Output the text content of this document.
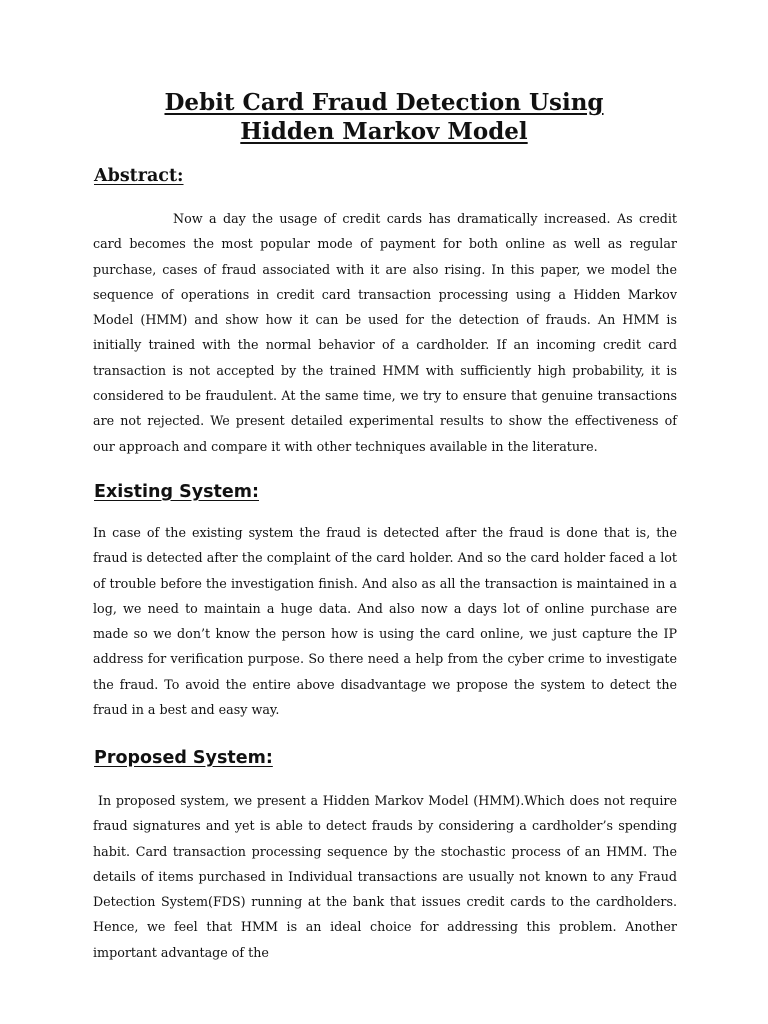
Debit Card Fraud Detection Using
Hidden Markov Model
Abstract:

Now a day the usage of credit cards has dramatically increased. As credit card becomes the most popular mode of payment for both online as well as regular purchase, cases of fraud associated with it are also rising. In this paper, we model the sequence of operations in credit card transaction processing using a Hidden Markov Model (HMM) and show how it can be used for the detection of frauds. An HMM is initially trained with the normal behavior of a cardholder. If an incoming credit card transaction is not accepted by the trained HMM with sufficiently high probability, it is considered to be fraudulent. At the same time, we try to ensure that genuine transactions are not rejected. We present detailed experimental results to show the effectiveness of our approach and compare it with other techniques available in the literature.

Existing System:

In case of the existing system the fraud is detected after the fraud is done that is, the fraud is detected after the complaint of the card holder. And so the card holder faced a lot of trouble before the investigation finish. And also as all the transaction is maintained in a log, we need to maintain a huge data. And also now a days lot of online purchase are made so we don’t know the person how is using the card online, we just capture the IP address for verification purpose. So there need a help from the cyber crime to investigate the fraud. To avoid the entire above disadvantage we propose the system to detect the fraud in a best and easy way.

Proposed System:

In proposed system, we present a Hidden Markov Model (HMM).Which does not require fraud signatures and yet is able to detect frauds by considering a cardholder’s spending habit. Card transaction processing sequence by the stochastic process of an HMM. The details of items purchased in Individual transactions are usually not known to any Fraud Detection System(FDS) running at the bank that issues credit cards to the cardholders. Hence, we feel that HMM is an ideal choice for addressing this problem. Another important advantage of the
